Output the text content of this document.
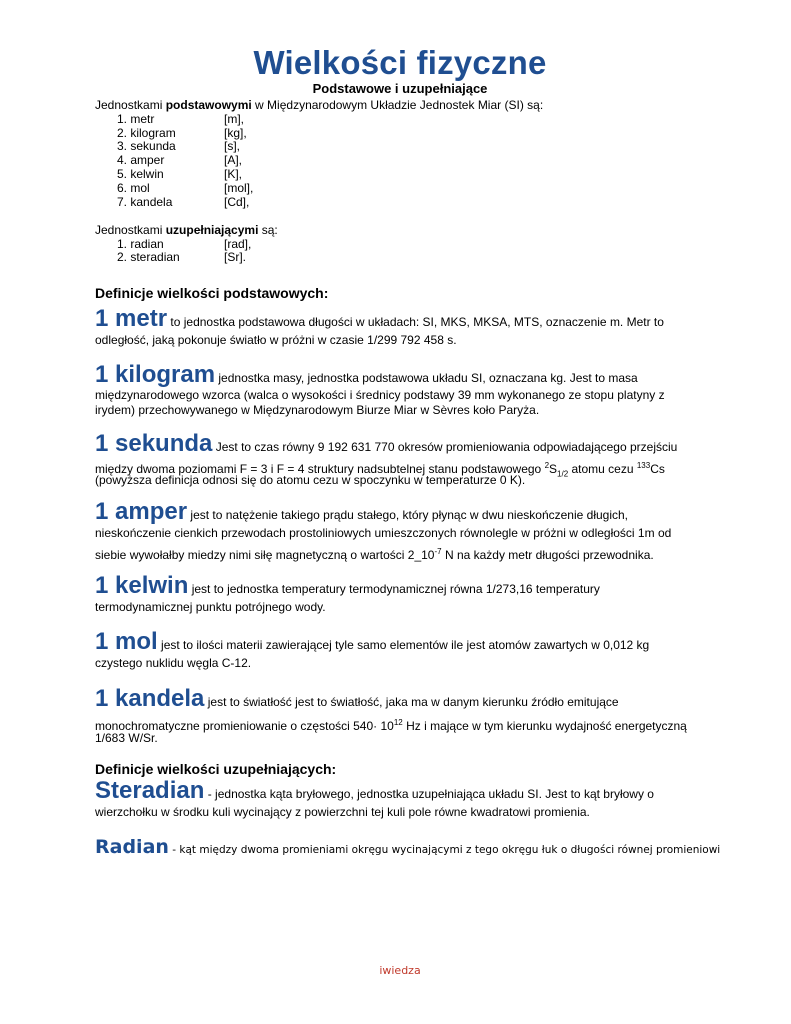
Wielkości fizyczne
Podstawowe i uzupełniające
Jednostkami podstawowymi w Międzynarodowym Układzie Jednostek Miar (SI) są:
1. metr	[m],
2. kilogram	[kg],
3. sekunda	[s],
4. amper	[A],
5. kelwin	[K],
6. mol	[mol],
7. kandela	[Cd],
Jednostkami uzupełniającymi są:
1. radian	[rad],
2. steradian	[Sr].
Definicje wielkości podstawowych:
1 metr to jednostka podstawowa długości w układach: SI, MKS, MKSA, MTS, oznaczenie m. Metr to
odległość, jaką pokonuje światło w próżni w czasie 1/299 792 458 s.
1 kilogram jednostka masy, jednostka podstawowa układu SI, oznaczana kg. Jest to masa
międzynarodowego wzorca (walca o wysokości i średnicy podstawy 39 mm wykonanego ze stopu platyny z
irydem) przechowywanego w Międzynarodowym Biurze Miar w Sèvres koło Paryża.
1 sekunda Jest to czas równy 9 192 631 770 okresów promieniowania odpowiadającego przejściu
między dwoma poziomami F = 3 i F = 4 struktury nadsubtelnej stanu podstawowego $^2S_{1/2}$ atomu cezu $^{133}$Cs
(powyższa definicja odnosi się do atomu cezu w spoczynku w temperaturze 0 K).
1 amper jest to natężenie takiego prądu stałego, który płynąc w dwu nieskończenie długich,
nieskończenie cienkich przewodach prostoliniowych umieszczonych równolegle w próżni w odległości 1m od
siebie wywołałby miedzy nimi siłę magnetyczną o wartości $2\_10^{-7}$ N na każdy metr długości przewodnika.
1 kelwin jest to jednostka temperatury termodynamicznej równa 1/273,16 temperatury
termodynamicznej punktu potrójnego wody.
1 mol jest to ilości materii zawierającej tyle samo elementów ile jest atomów zawartych w 0,012 kg
czystego nuklidu węgla C-12.
1 kandela jest to światłość jest to światłość, jaka ma w danym kierunku źródło emitujące
monochromatyczne promieniowanie o częstości $540\cdot 10^{12}$ Hz i mające w tym kierunku wydajność energetyczną
1/683 W/Sr.
Definicje wielkości uzupełniających:
Steradian - jednostka kąta bryłowego, jednostka uzupełniająca układu SI. Jest to kąt bryłowy o
wierzchołku w środku kuli wycinający z powierzchni tej kuli pole równe kwadratowi promienia.
Radian - kąt między dwoma promieniami okręgu wycinającymi z tego okręgu łuk o długości równej promieniowi
iwiedza
